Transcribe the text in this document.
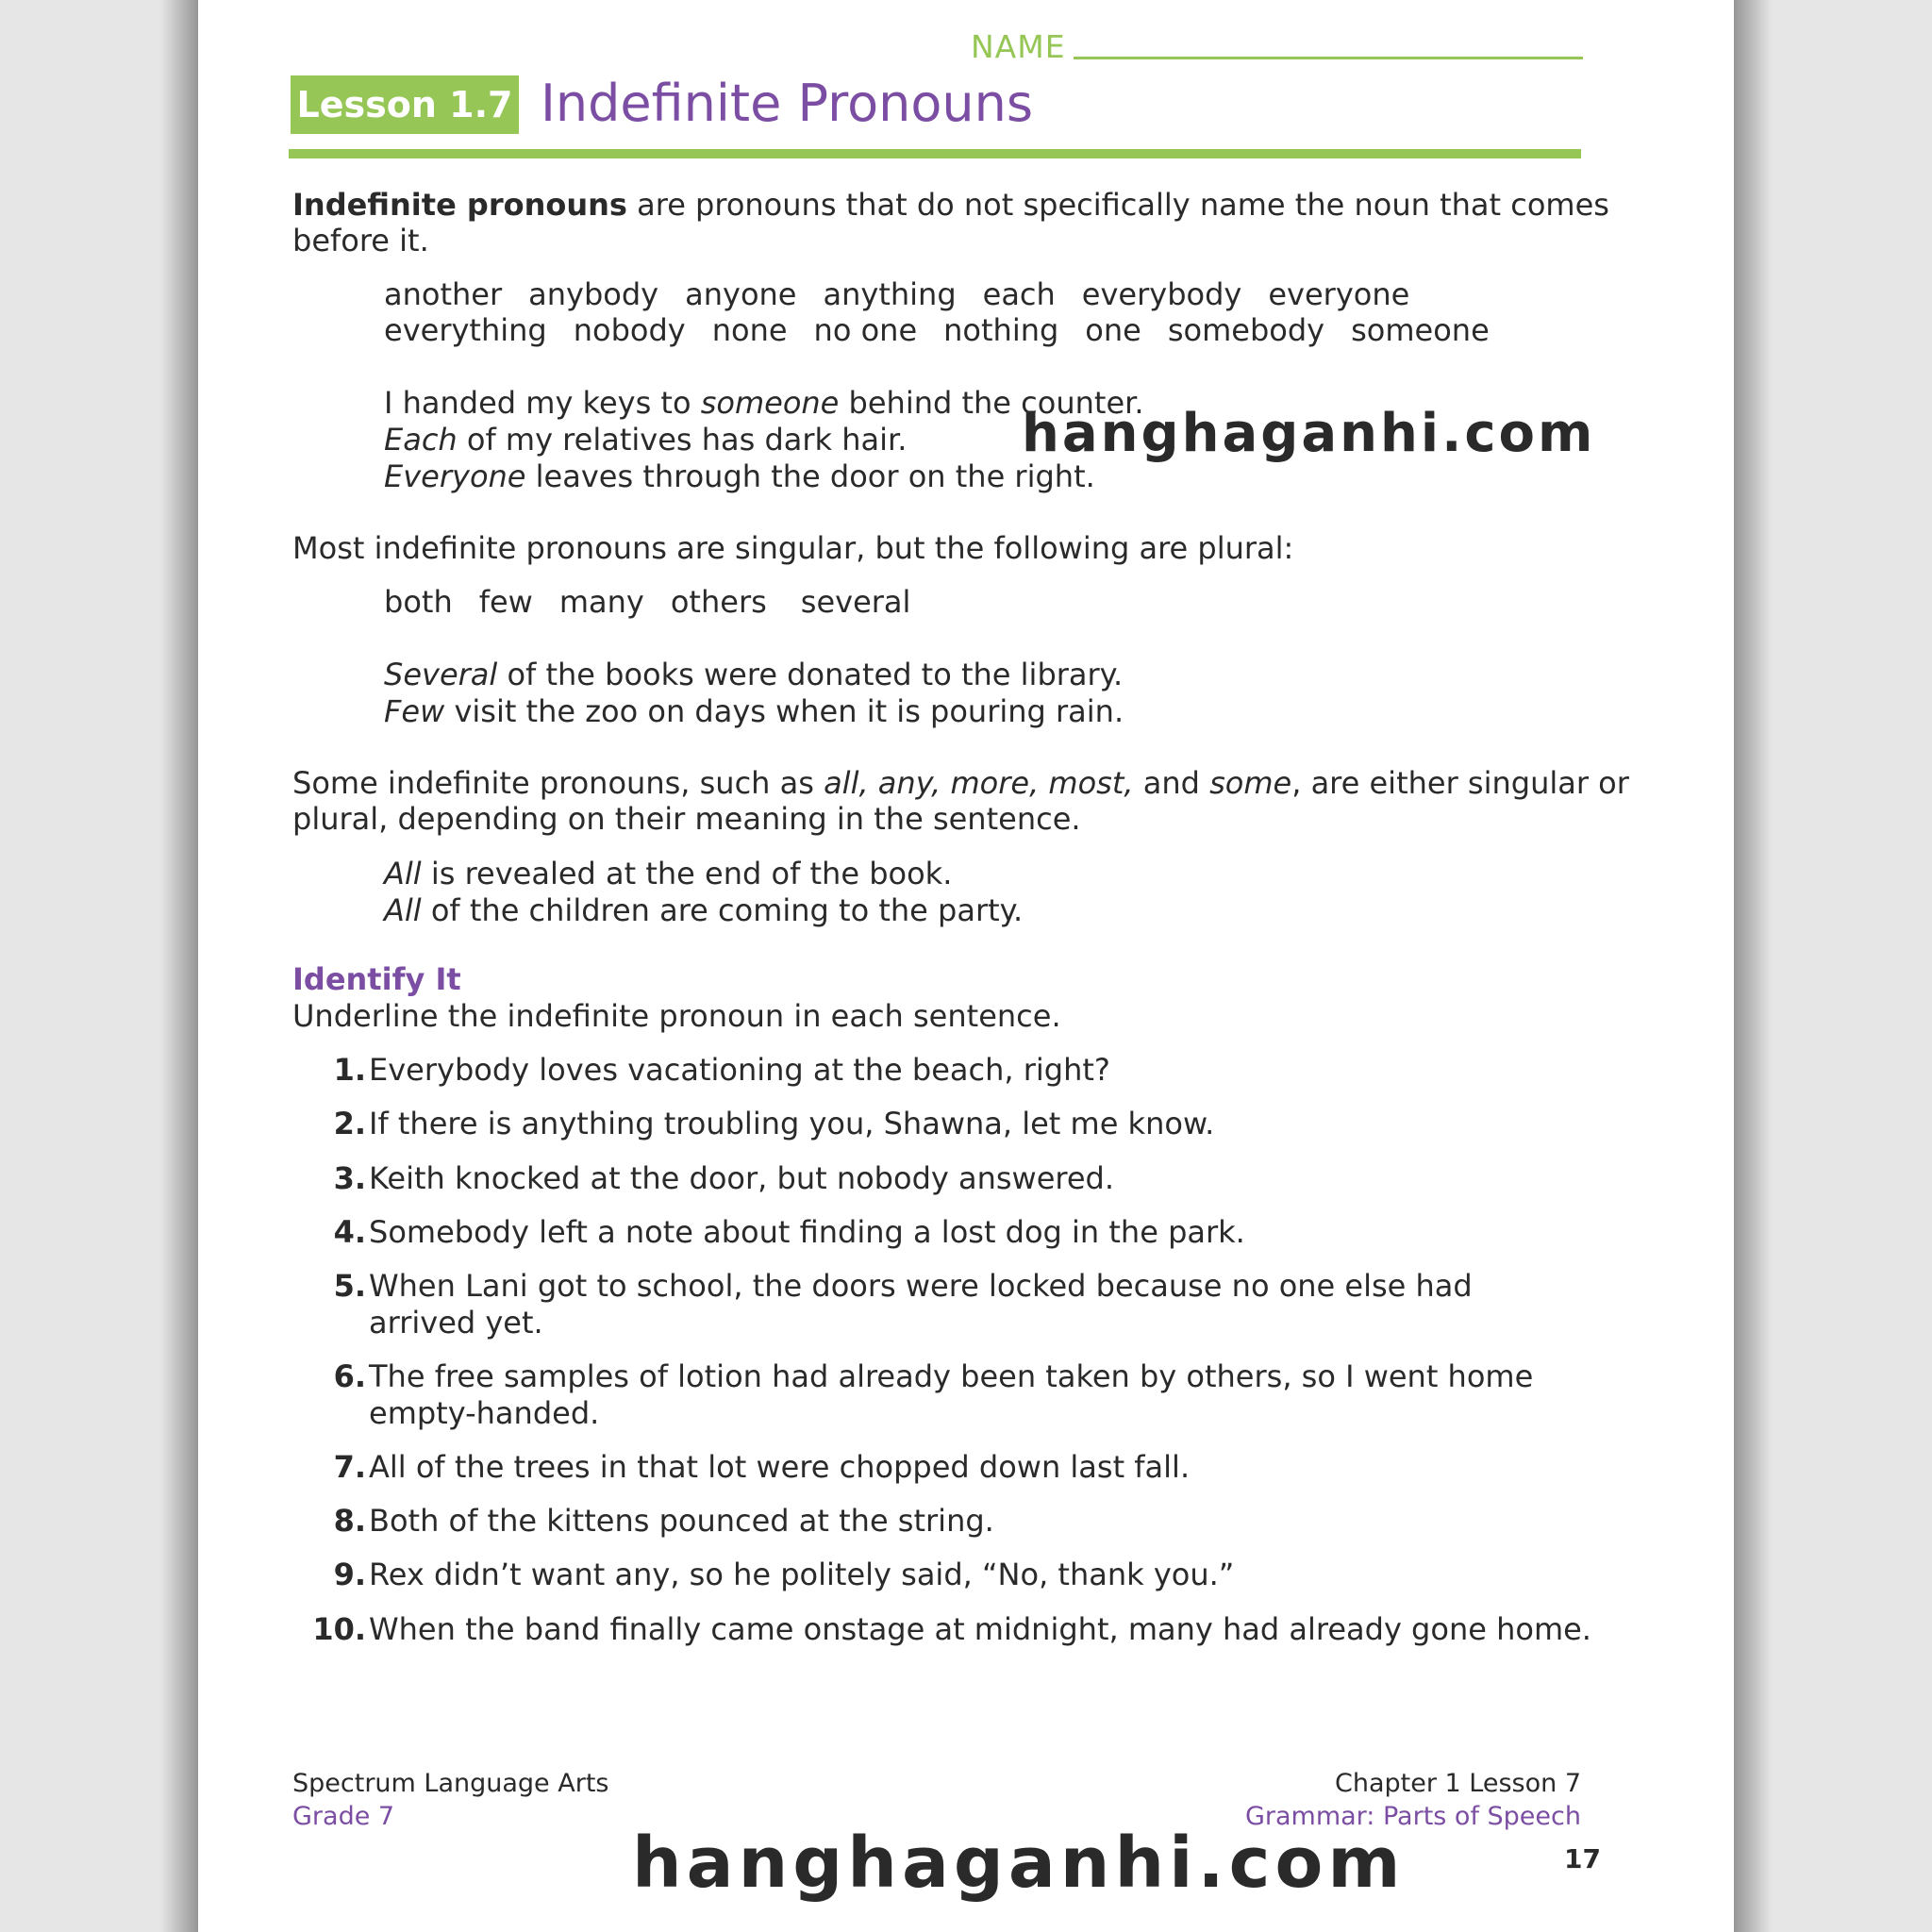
NAME
Lesson 1.7 Indefinite Pronouns
Indefinite pronouns are pronouns that do not specifically name the noun that comes
before it.
another anybody anyone anything each everybody everyone
everything nobody none no one nothing one somebody someone
I handed my keys to someone behind the counter.
Each of my relatives has dark hair.
Everyone leaves through the door on the right.
Most indefinite pronouns are singular, but the following are plural:
both few many others several
Several of the books were donated to the library.
Few visit the zoo on days when it is pouring rain.
Some indefinite pronouns, such as all, any, more, most, and some, are either singular or
plural, depending on their meaning in the sentence.
All is revealed at the end of the book.
All of the children are coming to the party.
Identify It
Underline the indefinite pronoun in each sentence.
1. Everybody loves vacationing at the beach, right?
2. If there is anything troubling you, Shawna, let me know.
3. Keith knocked at the door, but nobody answered.
4. Somebody left a note about finding a lost dog in the park.
5. When Lani got to school, the doors were locked because no one else had
arrived yet.
6. The free samples of lotion had already been taken by others, so I went home
empty-handed.
7. All of the trees in that lot were chopped down last fall.
8. Both of the kittens pounced at the string.
9. Rex didn’t want any, so he politely said, “No, thank you.”
10. When the band finally came onstage at midnight, many had already gone home.
Spectrum Language Arts
Grade 7
Chapter 1 Lesson 7
Grammar: Parts of Speech
17
hanghaganhi.com
hanghaganhi.com
